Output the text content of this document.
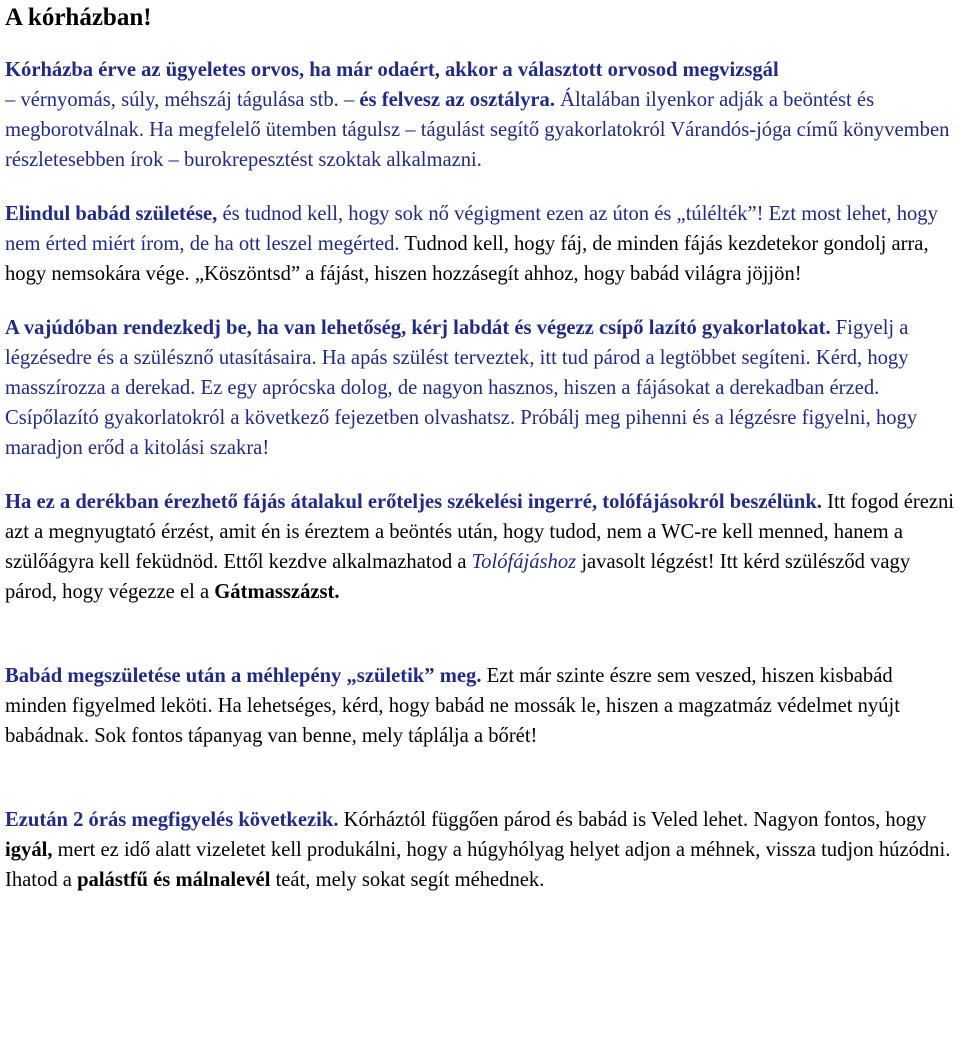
A kórházban!

Kórházba érve az ügyeletes orvos, ha már odaért, akkor a választott orvosod megvizsgál
– vérnyomás, súly, méhszáj tágulása stb. – és felvesz az osztályra. Általában ilyenkor adják a beöntést és megborotválnak. Ha megfelelő ütemben tágulsz – tágulást segítő gyakorlatokról Várandós-jóga című könyvemben részletesebben írok – burokrepesztést szoktak alkalmazni.

Elindul babád születése, és tudnod kell, hogy sok nő végigment ezen az úton és „túlélték”! Ezt most lehet, hogy nem érted miért írom, de ha ott leszel megérted. Tudnod kell, hogy fáj, de minden fájás kezdetekor gondolj arra, hogy nemsokára vége. „Köszöntsd” a fájást, hiszen hozzásegít ahhoz, hogy babád világra jöjjön!

A vajúdóban rendezkedj be, ha van lehetőség, kérj labdát és végezz csípő lazító gyakorlatokat. Figyelj a légzésedre és a szülésznő utasításaira. Ha apás szülést terveztek, itt tud párod a legtöbbet segíteni. Kérd, hogy masszírozza a derekad. Ez egy aprócska dolog, de nagyon hasznos, hiszen a fájásokat a derekadban érzed. Csípőlazító gyakorlatokról a következő fejezetben olvashatsz. Próbálj meg pihenni és a légzésre figyelni, hogy maradjon erőd a kitolási szakra!

Ha ez a derékban érezhető fájás átalakul erőteljes székelési ingerré, tolófájásokról beszélünk. Itt fogod érezni azt a megnyugtató érzést, amit én is éreztem a beöntés után, hogy tudod, nem a WC-re kell menned, hanem a szülőágyra kell feküdnöd. Ettől kezdve alkalmazhatod a Tolófájáshoz javasolt légzést! Itt kérd szülésződ vagy párod, hogy végezze el a Gátmasszázst.

Babád megszületése után a méhlepény „születik” meg. Ezt már szinte észre sem veszed, hiszen kisbabád minden figyelmed leköti. Ha lehetséges, kérd, hogy babád ne mossák le, hiszen a magzatmáz védelmet nyújt babádnak. Sok fontos tápanyag van benne, mely táplálja a bőrét!

Ezután 2 órás megfigyelés következik. Kórháztól függően párod és babád is Veled lehet. Nagyon fontos, hogy igyál, mert ez idő alatt vizeletet kell produkálni, hogy a húgyhólyag helyet adjon a méhnek, vissza tudjon húzódni. Ihatod a palástfű és málnalevél teát, mely sokat segít méhednek.
